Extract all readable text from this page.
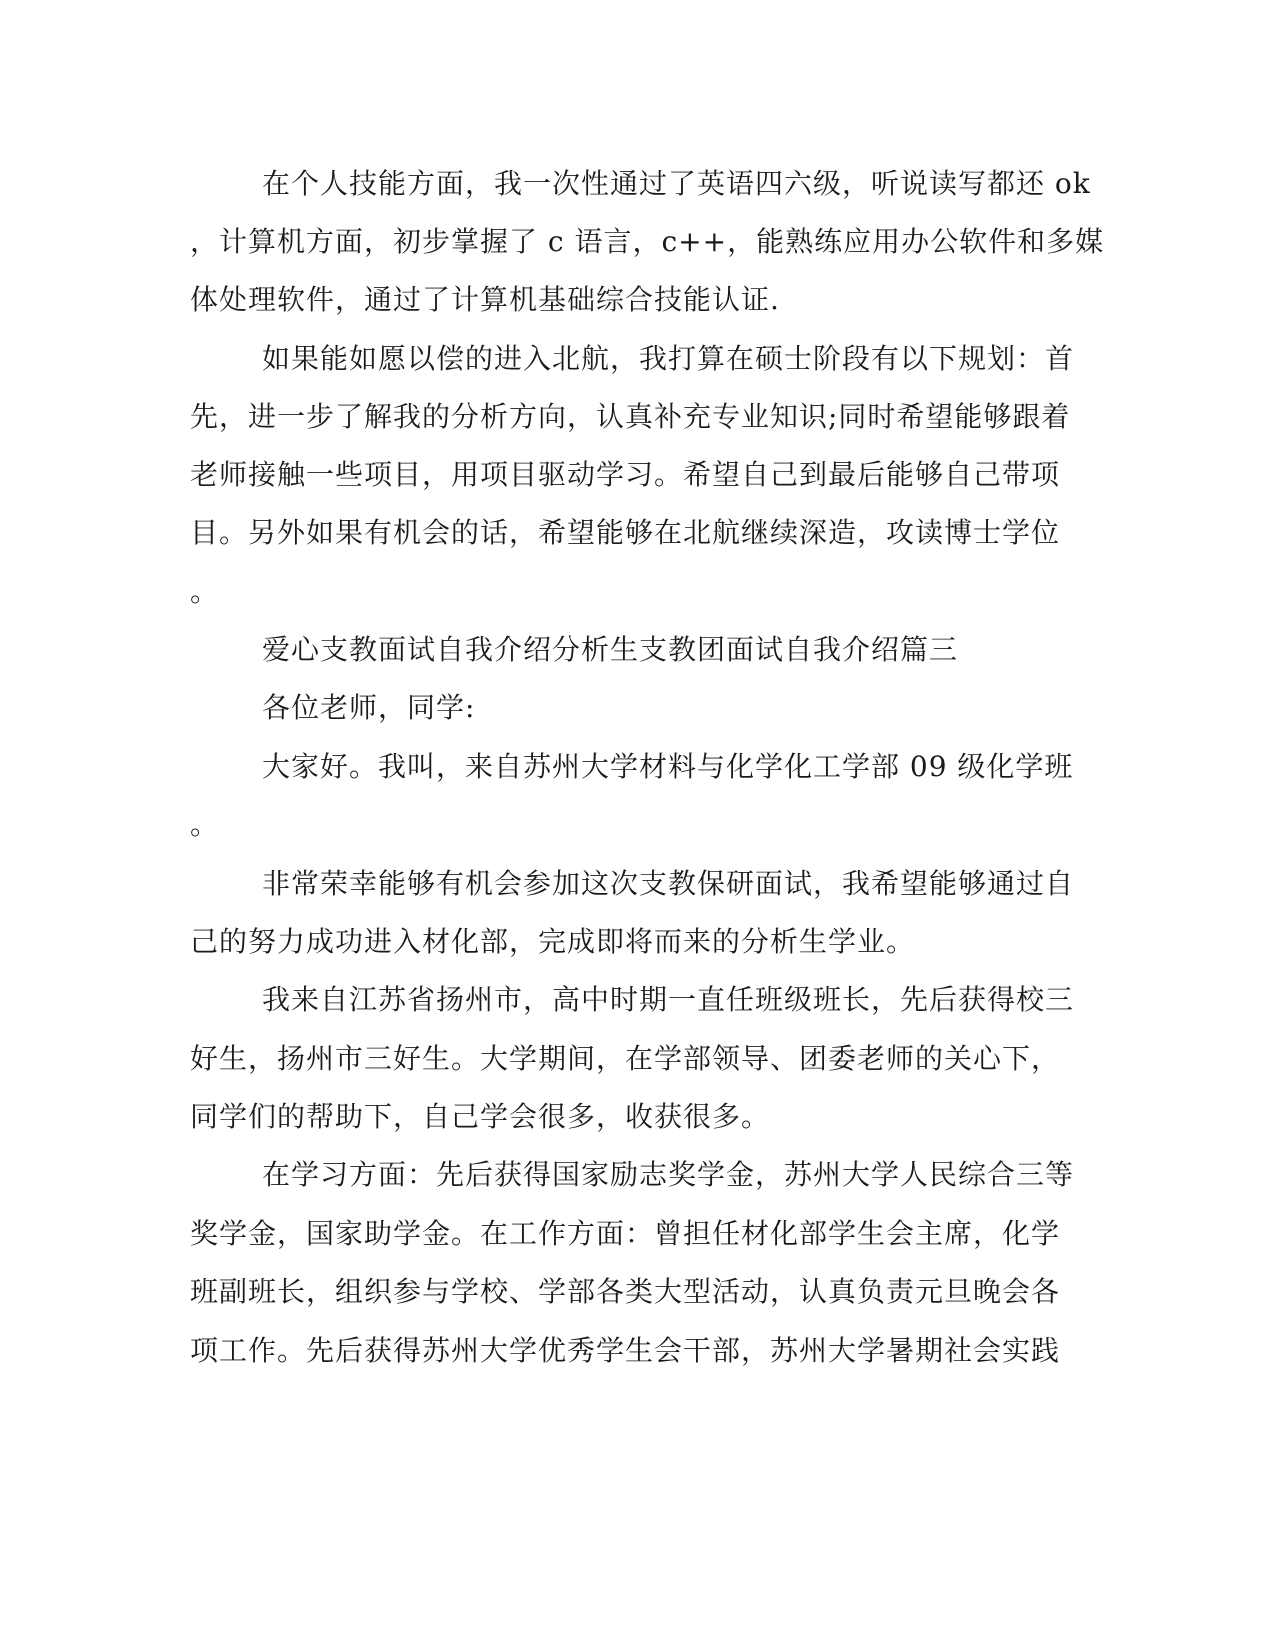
在个人技能方面，我一次性通过了英语四六级，听说读写都还 ok

，计算机方面，初步掌握了 c 语言，c++，能熟练应用办公软件和多媒

体处理软件，通过了计算机基础综合技能认证.

如果能如愿以偿的进入北航，我打算在硕士阶段有以下规划：首

先，进一步了解我的分析方向，认真补充专业知识;同时希望能够跟着

老师接触一些项目，用项目驱动学习。希望自己到最后能够自己带项

目。另外如果有机会的话，希望能够在北航继续深造，攻读博士学位

。

爱心支教面试自我介绍分析生支教团面试自我介绍篇三

各位老师，同学:

大家好。我叫，来自苏州大学材料与化学化工学部 09 级化学班

。

非常荣幸能够有机会参加这次支教保研面试，我希望能够通过自

己的努力成功进入材化部，完成即将而来的分析生学业。

我来自江苏省扬州市，高中时期一直任班级班长，先后获得校三

好生，扬州市三好生。大学期间，在学部领导、团委老师的关心下，

同学们的帮助下，自己学会很多，收获很多。

在学习方面：先后获得国家励志奖学金，苏州大学人民综合三等

奖学金，国家助学金。在工作方面：曾担任材化部学生会主席，化学

班副班长，组织参与学校、学部各类大型活动，认真负责元旦晚会各

项工作。先后获得苏州大学优秀学生会干部，苏州大学暑期社会实践
